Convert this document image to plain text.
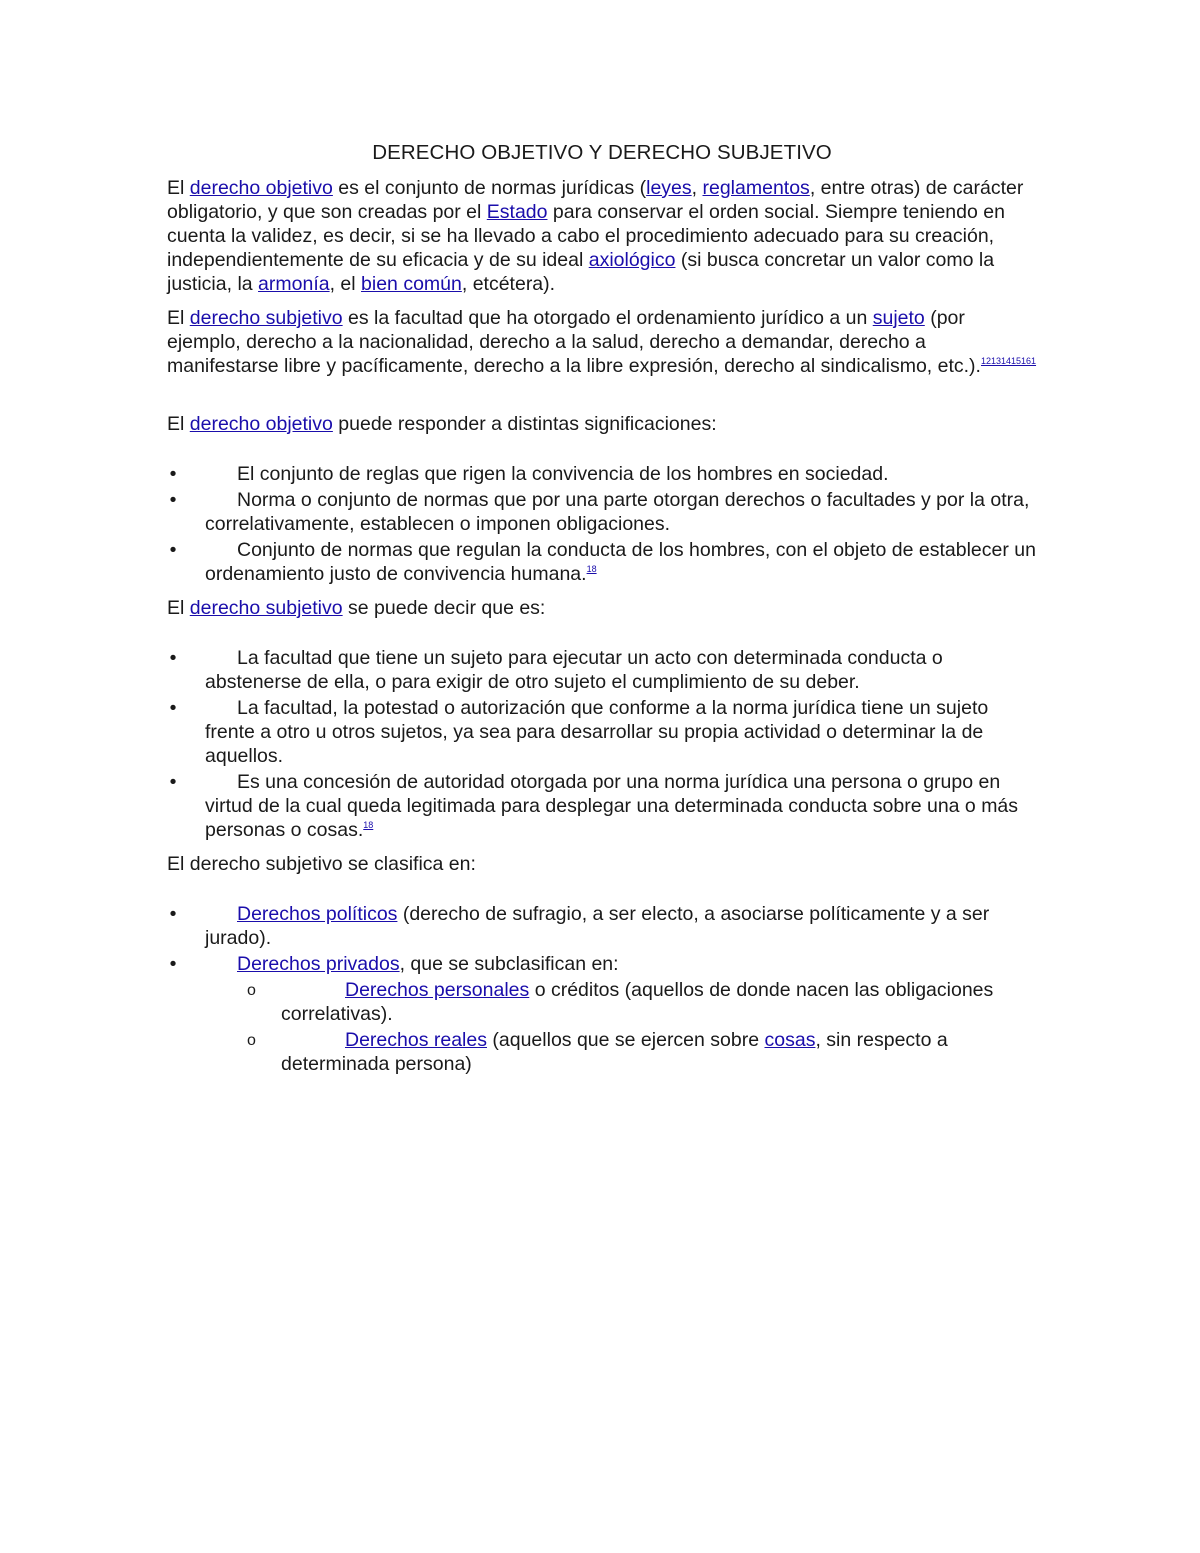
DERECHO OBJETIVO Y DERECHO SUBJETIVO

El derecho objetivo es el conjunto de normas jurídicas (leyes, reglamentos, entre otras) de carácter obligatorio, y que son creadas por el Estado para conservar el orden social. Siempre teniendo en cuenta la validez, es decir, si se ha llevado a cabo el procedimiento adecuado para su creación, independientemente de su eficacia y de su ideal axiológico (si busca concretar un valor como la justicia, la armonía, el bien común, etcétera).

El derecho subjetivo es la facultad que ha otorgado el ordenamiento jurídico a un sujeto (por ejemplo, derecho a la nacionalidad, derecho a la salud, derecho a demandar, derecho a manifestarse libre y pacíficamente, derecho a la libre expresión, derecho al sindicalismo, etc.).$^{12131415161}$

El derecho objetivo puede responder a distintas significaciones:

•	El conjunto de reglas que rigen la convivencia de los hombres en sociedad.
•	Norma o conjunto de normas que por una parte otorgan derechos o facultades y por la otra, correlativamente, establecen o imponen obligaciones.
•	Conjunto de normas que regulan la conducta de los hombres, con el objeto de establecer un ordenamiento justo de convivencia humana.$^{18}$

El derecho subjetivo se puede decir que es:

•	La facultad que tiene un sujeto para ejecutar un acto con determinada conducta o abstenerse de ella, o para exigir de otro sujeto el cumplimiento de su deber.
•	La facultad, la potestad o autorización que conforme a la norma jurídica tiene un sujeto frente a otro u otros sujetos, ya sea para desarrollar su propia actividad o determinar la de aquellos.
•	Es una concesión de autoridad otorgada por una norma jurídica una persona o grupo en virtud de la cual queda legitimada para desplegar una determinada conducta sobre una o más personas o cosas.$^{18}$

El derecho subjetivo se clasifica en:

•	Derechos políticos (derecho de sufragio, a ser electo, a asociarse políticamente y a ser jurado).
•	Derechos privados, que se subclasifican en:
o	Derechos personales o créditos (aquellos de donde nacen las obligaciones correlativas).
o	Derechos reales (aquellos que se ejercen sobre cosas, sin respecto a determinada persona)
